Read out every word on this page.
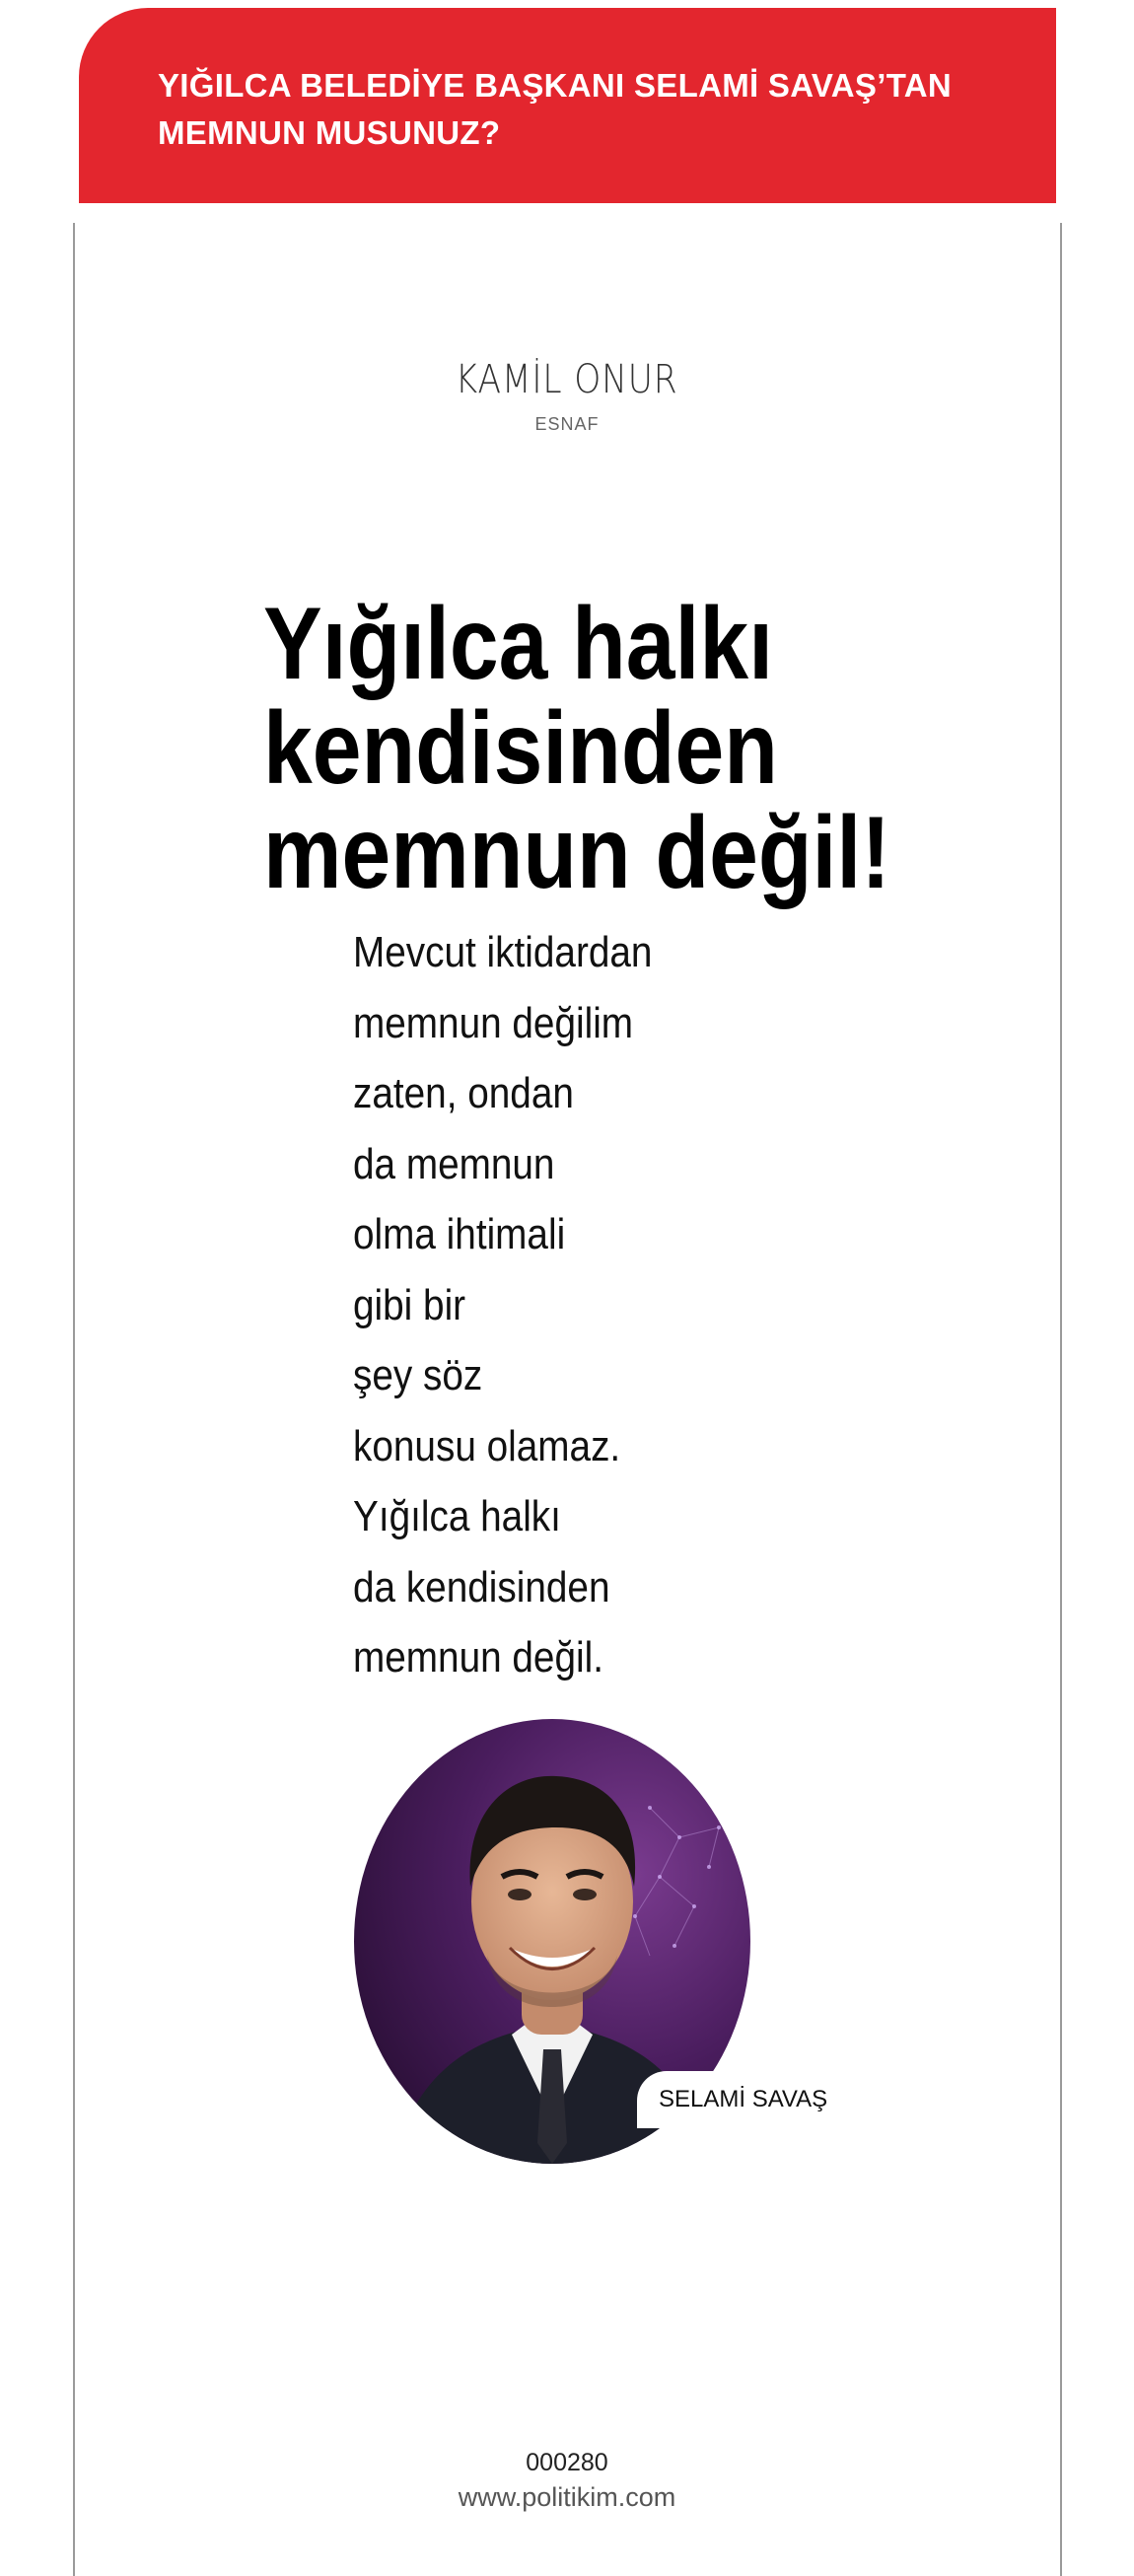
YIĞILCA BELEDİYE BAŞKANI SELAMİ SAVAŞ’TAN
MEMNUN MUSUNUZ?
KAMİL ONUR
ESNAF
Yığılca halkı
kendisinden
memnun değil!
Mevcut iktidardan
memnun değilim
zaten, ondan
da memnun
olma ihtimali
gibi bir
şey söz
konusu olamaz.
Yığılca halkı
da kendisinden
memnun değil.
SELAMİ SAVAŞ
000280
www.politikim.com
